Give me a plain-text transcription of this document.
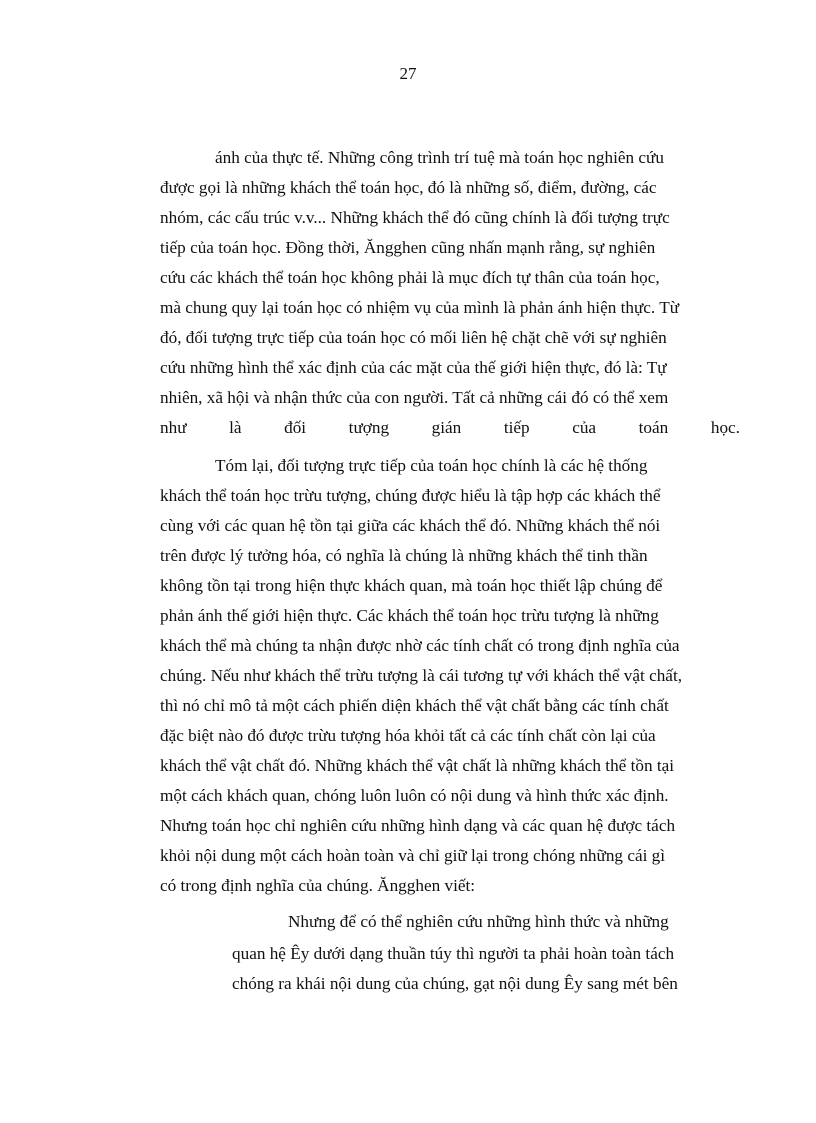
27
ánh của thực tế. Những công trình trí tuệ mà toán học nghiên cứu
được gọi là những khách thể toán học, đó là những số, điểm, đường, các
nhóm, các cấu trúc v.v... Những khách thể đó cũng chính là đối tượng trực
tiếp của toán học. Đồng thời, Ăngghen cũng nhấn mạnh rằng, sự nghiên
cứu các khách thể toán học không phải là mục đích tự thân của toán học,
mà chung quy lại toán học có nhiệm vụ của mình là phản ánh hiện thực. Từ
đó, đối tượng trực tiếp của toán học có mối liên hệ chặt chẽ với sự nghiên
cứu những hình thể xác định của các mặt của thế giới hiện thực, đó là: Tự
nhiên, xã hội và nhận thức của con người. Tất cả những cái đó có thể xem
như là đối tượng gián tiếp của toán học.
Tóm lại, đối tượng trực tiếp của toán học chính là các hệ thống
khách thể toán học trừu tượng, chúng được hiểu là tập hợp các khách thể
cùng với các quan hệ tồn tại giữa các khách thể đó. Những khách thể nói
trên được lý tưởng hóa, có nghĩa là chúng là những khách thể tinh thần
không tồn tại trong hiện thực khách quan, mà toán học thiết lập chúng để
phản ánh thế giới hiện thực. Các khách thể toán học trừu tượng là những
khách thể mà chúng ta nhận được nhờ các tính chất có trong định nghĩa của
chúng. Nếu như khách thể trừu tượng là cái tương tự với khách thể vật chất,
thì nó chỉ mô tả một cách phiến diện khách thể vật chất bằng các tính chất
đặc biệt nào đó được trừu tượng hóa khỏi tất cả các tính chất còn lại của
khách thể vật chất đó. Những khách thể vật chất là những khách thể tồn tại
một cách khách quan, chóng luôn luôn có nội dung và hình thức xác định.
Nhưng toán học chỉ nghiên cứu những hình dạng và các quan hệ được tách
khỏi nội dung một cách hoàn toàn và chỉ giữ lại trong chóng những cái gì
có trong định nghĩa của chúng. Ăngghen viết:
Nhưng để có thể nghiên cứu những hình thức và những
quan hệ Êy dưới dạng thuần túy thì người ta phải hoàn toàn tách
chóng ra khái nội dung của chúng, gạt nội dung Êy sang mét bên
